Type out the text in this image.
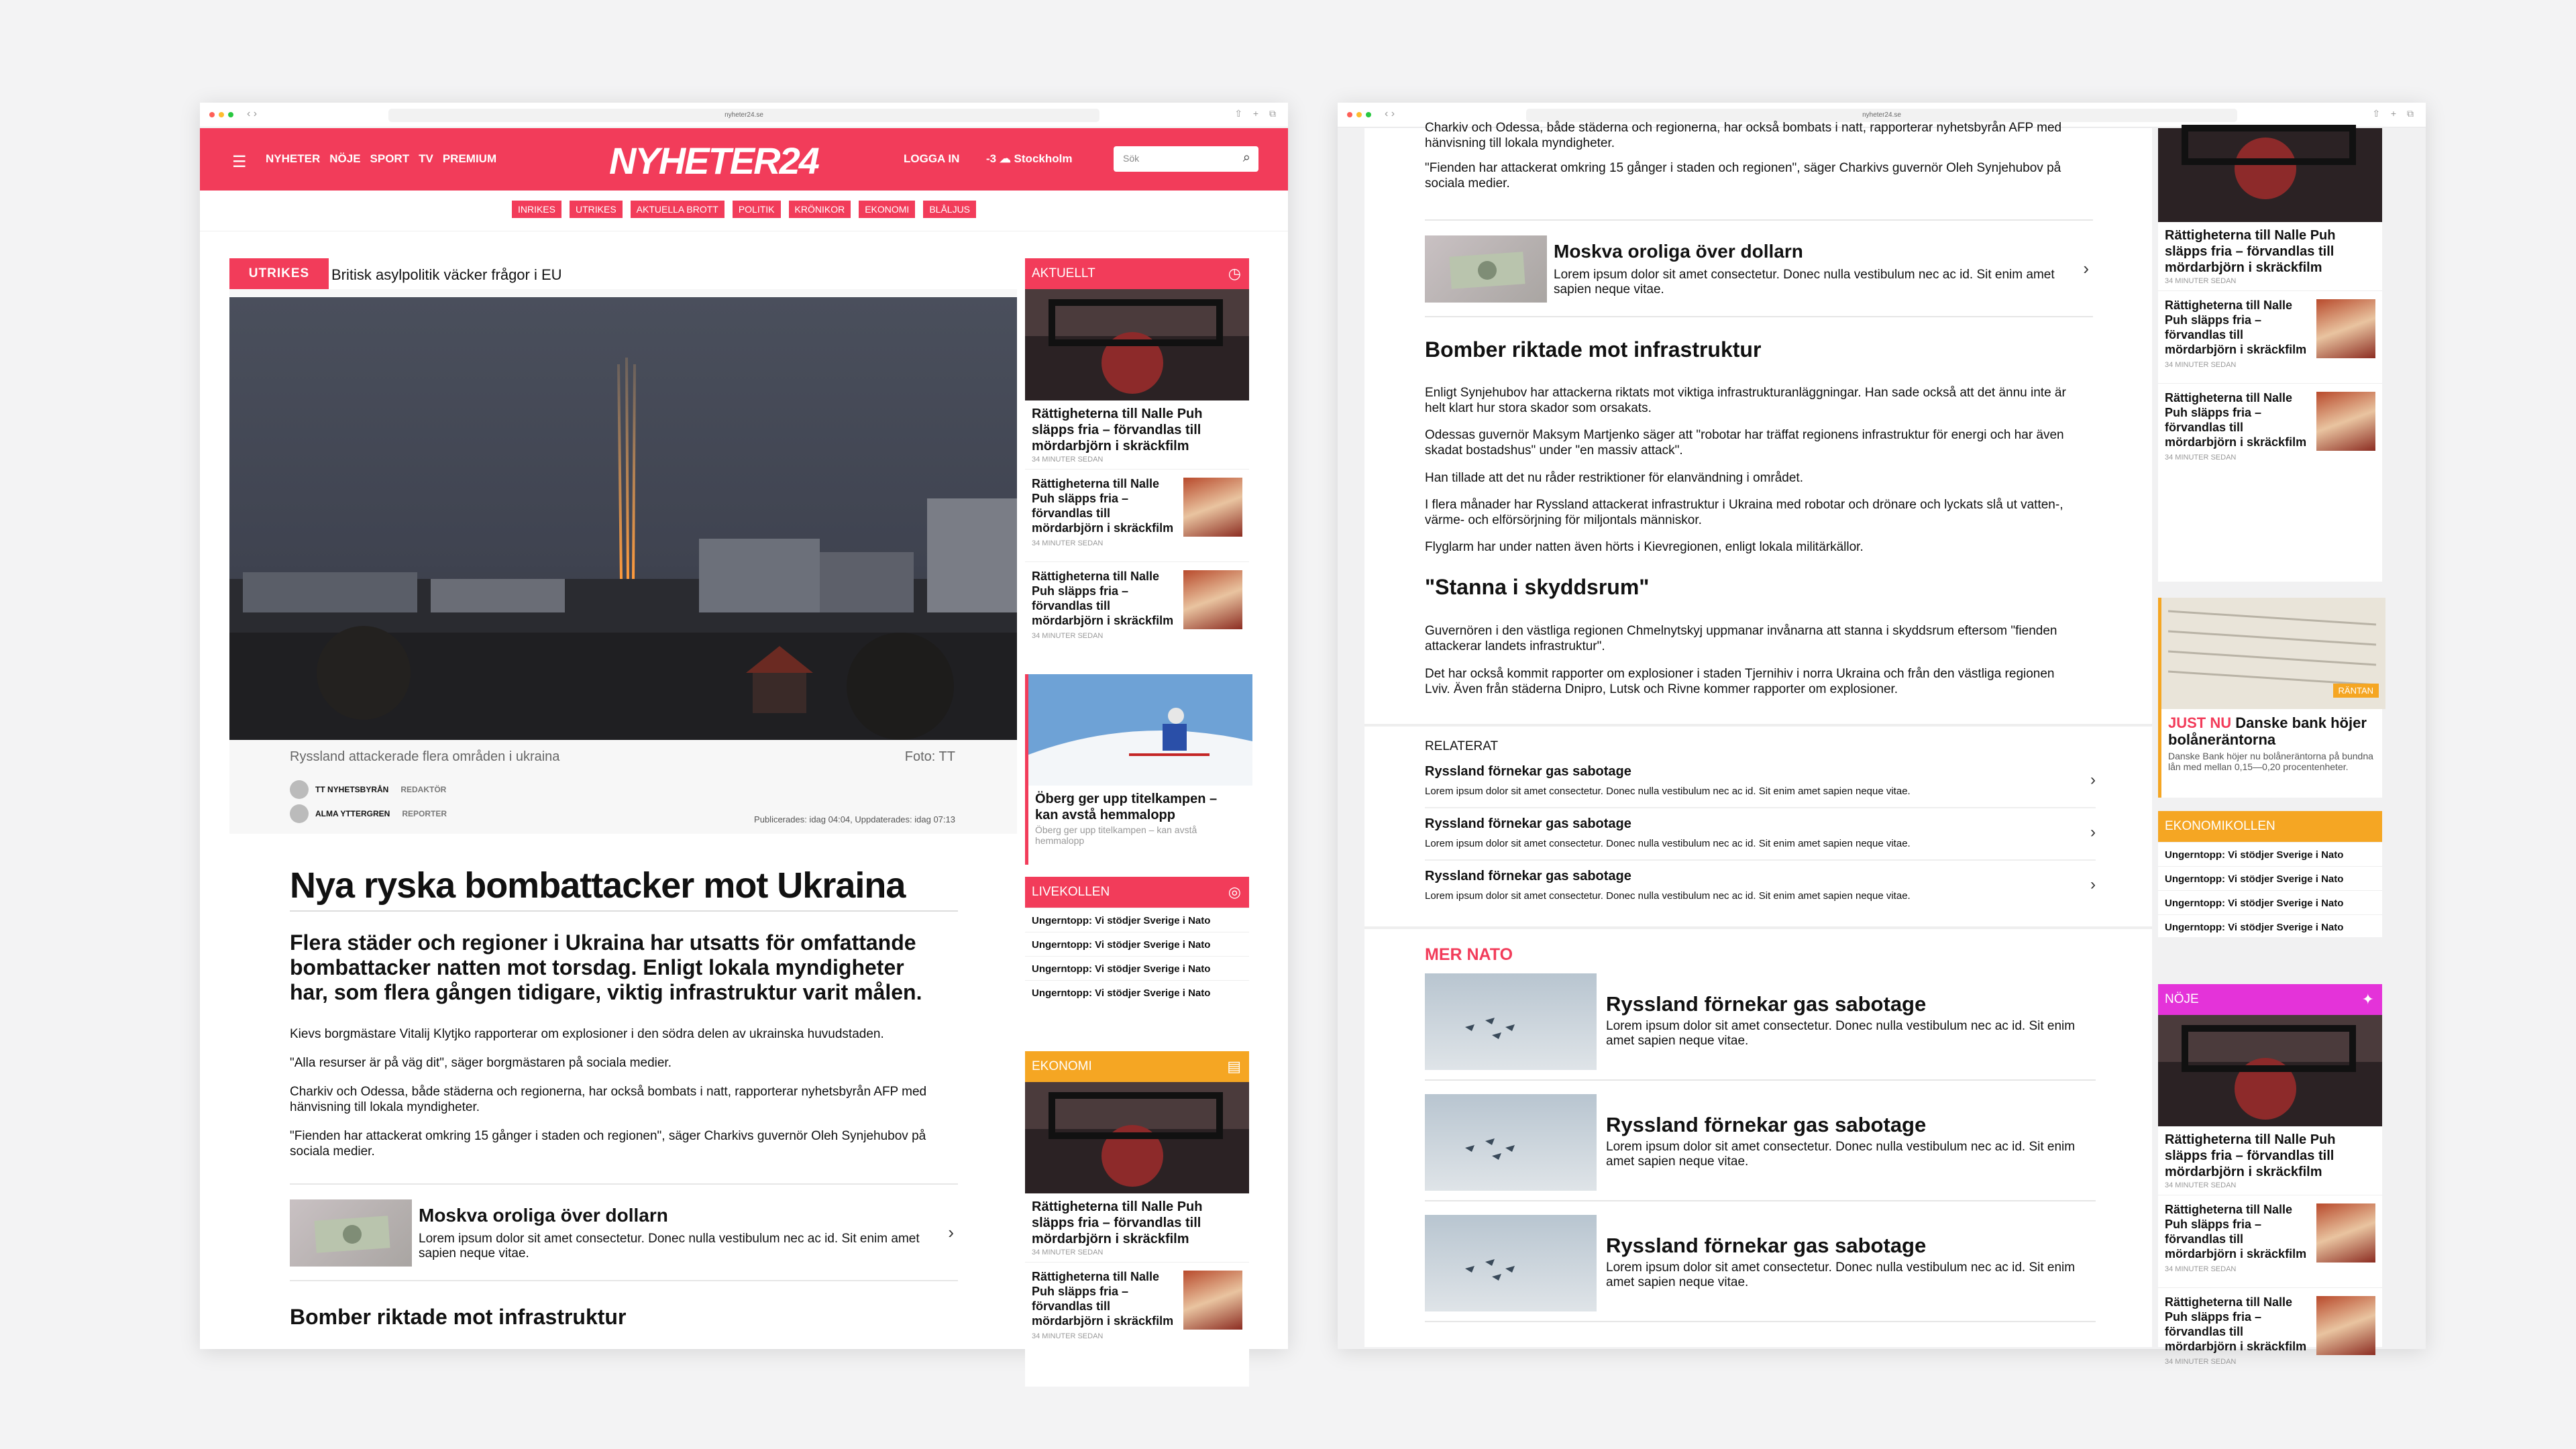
‹ ›	nyheter24.se	⇧ + ⧉
☰ NYHETER NÖJE SPORT TV PREMIUM	NYHETER24	LOGGA IN -3 ☁ Stockholm	Sök	⌕
INRIKES	UTRIKES	AKTUELLA BROTT	POLITIK	KRÖNIKOR	EKONOMI	BLÅLJUS
UTRIKES	Britisk asylpolitik väcker frågor i EU
Ryssland attackerade flera områden i ukraina	Foto: TT
TT NYHETSBYRÅN REDAKTÖR
ALMA YTTERGREN REPORTER
Publicerades: idag 04:04, Uppdaterades: idag 07:13
Nya ryska bombattacker mot Ukraina
Flera städer och regioner i Ukraina har utsatts för omfattande bombattacker natten mot torsdag. Enligt lokala myndigheter har, som flera gången tidigare, viktig infrastruktur varit målen.
Kievs borgmästare Vitalij Klytjko rapporterar om explosioner i den södra delen av ukrainska huvudstaden.
"Alla resurser är på väg dit", säger borgmästaren på sociala medier.
Charkiv och Odessa, både städerna och regionerna, har också bombats i natt, rapporterar nyhetsbyrån AFP med hänvisning till lokala myndigheter.
"Fienden har attackerat omkring 15 gånger i staden och regionen", säger Charkivs guvernör Oleh Synjehubov på sociala medier.
Moskva oroliga över dollarn
Lorem ipsum dolor sit amet consectetur. Donec nulla vestibulum nec ac id. Sit enim amet sapien neque vitae.
›
Bomber riktade mot infrastruktur
AKTUELLT	◷
Rättigheterna till Nalle Puh släpps fria – förvandlas till mördarbjörn i skräckfilm
34 MINUTER SEDAN
Rättigheterna till Nalle Puh släpps fria – förvandlas till mördarbjörn i skräckfilm
34 MINUTER SEDAN
Rättigheterna till Nalle Puh släpps fria – förvandlas till mördarbjörn i skräckfilm
34 MINUTER SEDAN
Öberg ger upp titelkampen – kan avstå hemmalopp
Öberg ger upp titelkampen – kan avstå hemmalopp
LIVEKOLLEN	◎
Ungerntopp: Vi stödjer Sverige i Nato
Ungerntopp: Vi stödjer Sverige i Nato
Ungerntopp: Vi stödjer Sverige i Nato
Ungerntopp: Vi stödjer Sverige i Nato
EKONOMI	▤
Rättigheterna till Nalle Puh släpps fria – förvandlas till mördarbjörn i skräckfilm
34 MINUTER SEDAN
Rättigheterna till Nalle Puh släpps fria – förvandlas till mördarbjörn i skräckfilm
34 MINUTER SEDAN
‹ ›	nyheter24.se	⇧ + ⧉
Charkiv och Odessa, både städerna och regionerna, har också bombats i natt, rapporterar nyhetsbyrån AFP med hänvisning till lokala myndigheter.
"Fienden har attackerat omkring 15 gånger i staden och regionen", säger Charkivs guvernör Oleh Synjehubov på sociala medier.
Moskva oroliga över dollarn
Lorem ipsum dolor sit amet consectetur. Donec nulla vestibulum nec ac id. Sit enim amet sapien neque vitae.
›
Bomber riktade mot infrastruktur
Enligt Synjehubov har attackerna riktats mot viktiga infrastrukturanläggningar. Han sade också att det ännu inte är helt klart hur stora skador som orsakats.
Odessas guvernör Maksym Martjenko säger att "robotar har träffat regionens infrastruktur för energi och har även skadat bostadshus" under "en massiv attack".
Han tillade att det nu råder restriktioner för elanvändning i området.
I flera månader har Ryssland attackerat infrastruktur i Ukraina med robotar och drönare och lyckats slå ut vatten-, värme- och elförsörjning för miljontals människor.
Flyglarm har under natten även hörts i Kievregionen, enligt lokala militärkällor.
"Stanna i skyddsrum"
Guvernören i den västliga regionen Chmelnytskyj uppmanar invånarna att stanna i skyddsrum eftersom "fienden attackerar landets infrastruktur".
Det har också kommit rapporter om explosioner i staden Tjernihiv i norra Ukraina och från den västliga regionen Lviv. Även från städerna Dnipro, Lutsk och Rivne kommer rapporter om explosioner.
RELATERAT
Ryssland förnekar gas sabotage
Lorem ipsum dolor sit amet consectetur. Donec nulla vestibulum nec ac id. Sit enim amet sapien neque vitae.
›
Ryssland förnekar gas sabotage
Lorem ipsum dolor sit amet consectetur. Donec nulla vestibulum nec ac id. Sit enim amet sapien neque vitae.
›
Ryssland förnekar gas sabotage
Lorem ipsum dolor sit amet consectetur. Donec nulla vestibulum nec ac id. Sit enim amet sapien neque vitae.
›
MER NATO
Ryssland förnekar gas sabotage
Lorem ipsum dolor sit amet consectetur. Donec nulla vestibulum nec ac id. Sit enim amet sapien neque vitae.
Ryssland förnekar gas sabotage
Lorem ipsum dolor sit amet consectetur. Donec nulla vestibulum nec ac id. Sit enim amet sapien neque vitae.
Ryssland förnekar gas sabotage
Lorem ipsum dolor sit amet consectetur. Donec nulla vestibulum nec ac id. Sit enim amet sapien neque vitae.
Rättigheterna till Nalle Puh släpps fria – förvandlas till mördarbjörn i skräckfilm
34 MINUTER SEDAN
Rättigheterna till Nalle Puh släpps fria – förvandlas till mördarbjörn i skräckfilm
34 MINUTER SEDAN
Rättigheterna till Nalle Puh släpps fria – förvandlas till mördarbjörn i skräckfilm
34 MINUTER SEDAN
RÄNTAN
JUST NU Danske bank höjer bolåneräntorna
Danske Bank höjer nu bolåneräntorna på bundna lån med mellan 0,15—0,20 procentenheter.
EKONOMIKOLLEN
Ungerntopp: Vi stödjer Sverige i Nato
Ungerntopp: Vi stödjer Sverige i Nato
Ungerntopp: Vi stödjer Sverige i Nato
Ungerntopp: Vi stödjer Sverige i Nato
NÖJE	✦
Rättigheterna till Nalle Puh släpps fria – förvandlas till mördarbjörn i skräckfilm
34 MINUTER SEDAN
Rättigheterna till Nalle Puh släpps fria – förvandlas till mördarbjörn i skräckfilm
34 MINUTER SEDAN
Rättigheterna till Nalle Puh släpps fria – förvandlas till mördarbjörn i skräckfilm
34 MINUTER SEDAN
